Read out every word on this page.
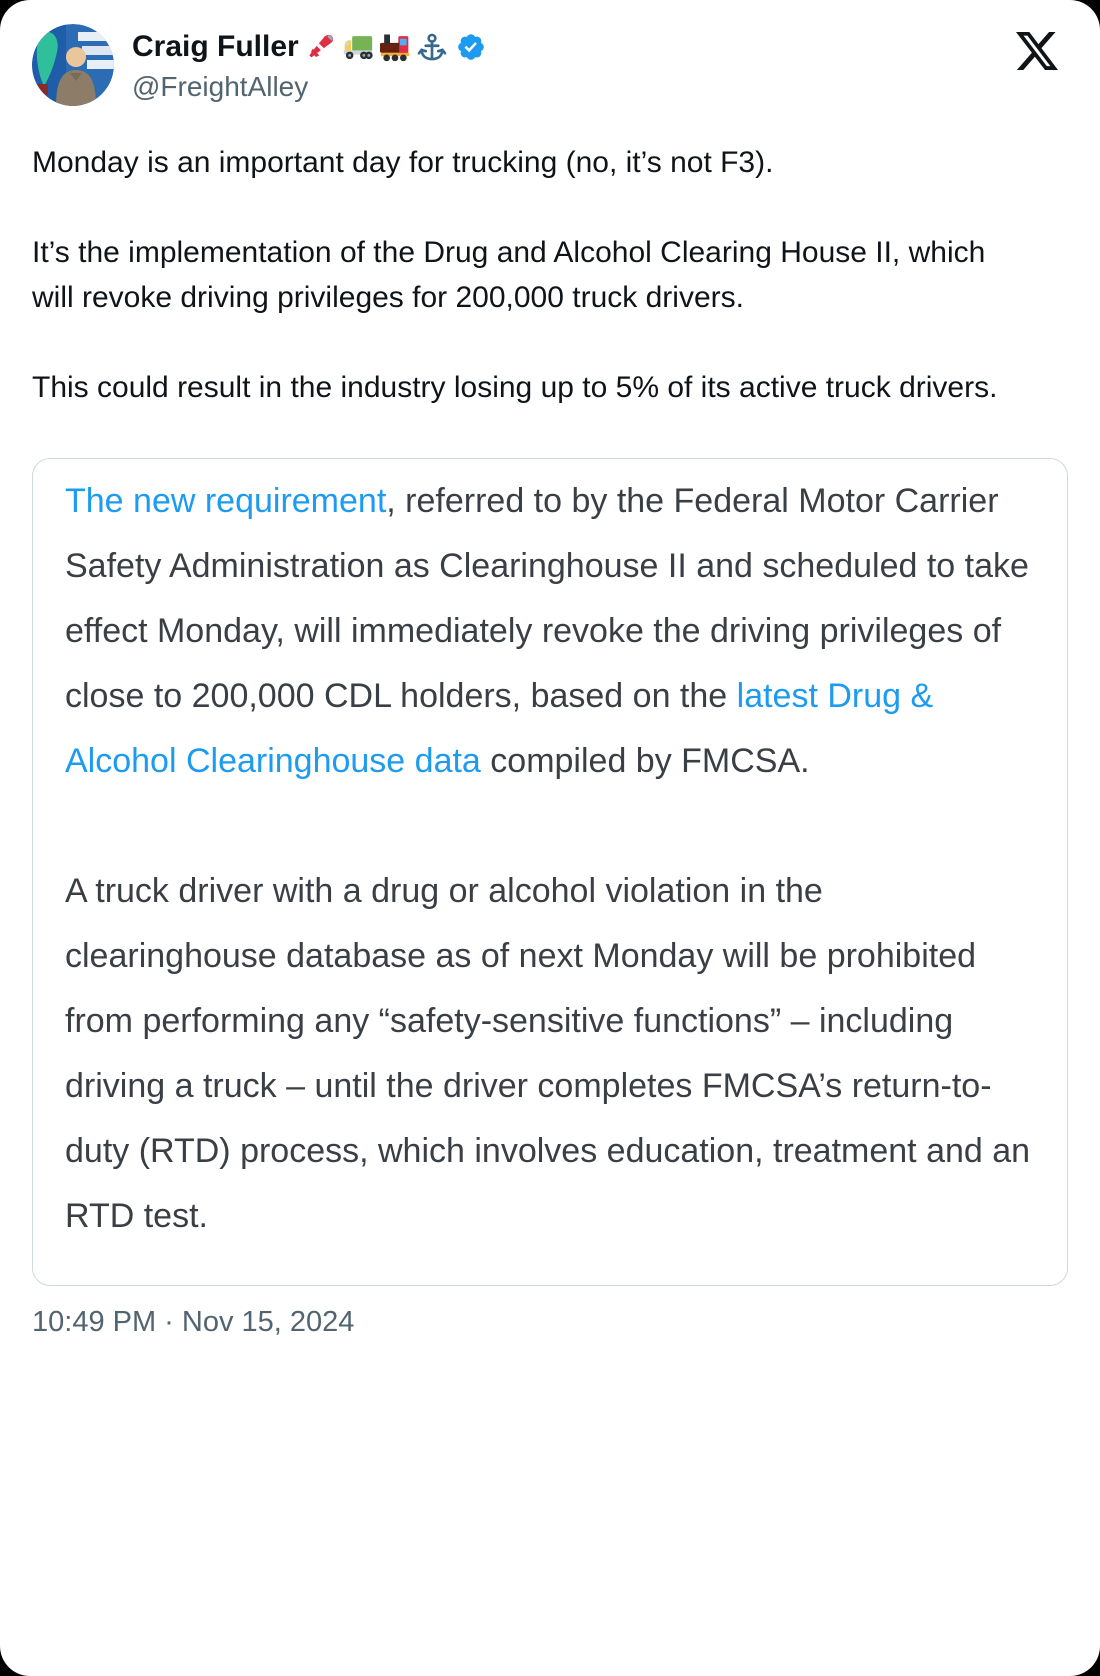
Craig Fuller
@FreightAlley

Monday is an important day for trucking (no, it’s not F3).

It’s the implementation of the Drug and Alcohol Clearing House II, which will revoke driving privileges for 200,000 truck drivers.

This could result in the industry losing up to 5% of its active truck drivers.

The new requirement, referred to by the Federal Motor Carrier Safety Administration as Clearinghouse II and scheduled to take effect Monday, will immediately revoke the driving privileges of close to 200,000 CDL holders, based on the latest Drug & Alcohol Clearinghouse data compiled by FMCSA.

A truck driver with a drug or alcohol violation in the clearinghouse database as of next Monday will be prohibited from performing any “safety-sensitive functions” – including driving a truck – until the driver completes FMCSA’s return-to-duty (RTD) process, which involves education, treatment and an RTD test.

10:49 PM · Nov 15, 2024
